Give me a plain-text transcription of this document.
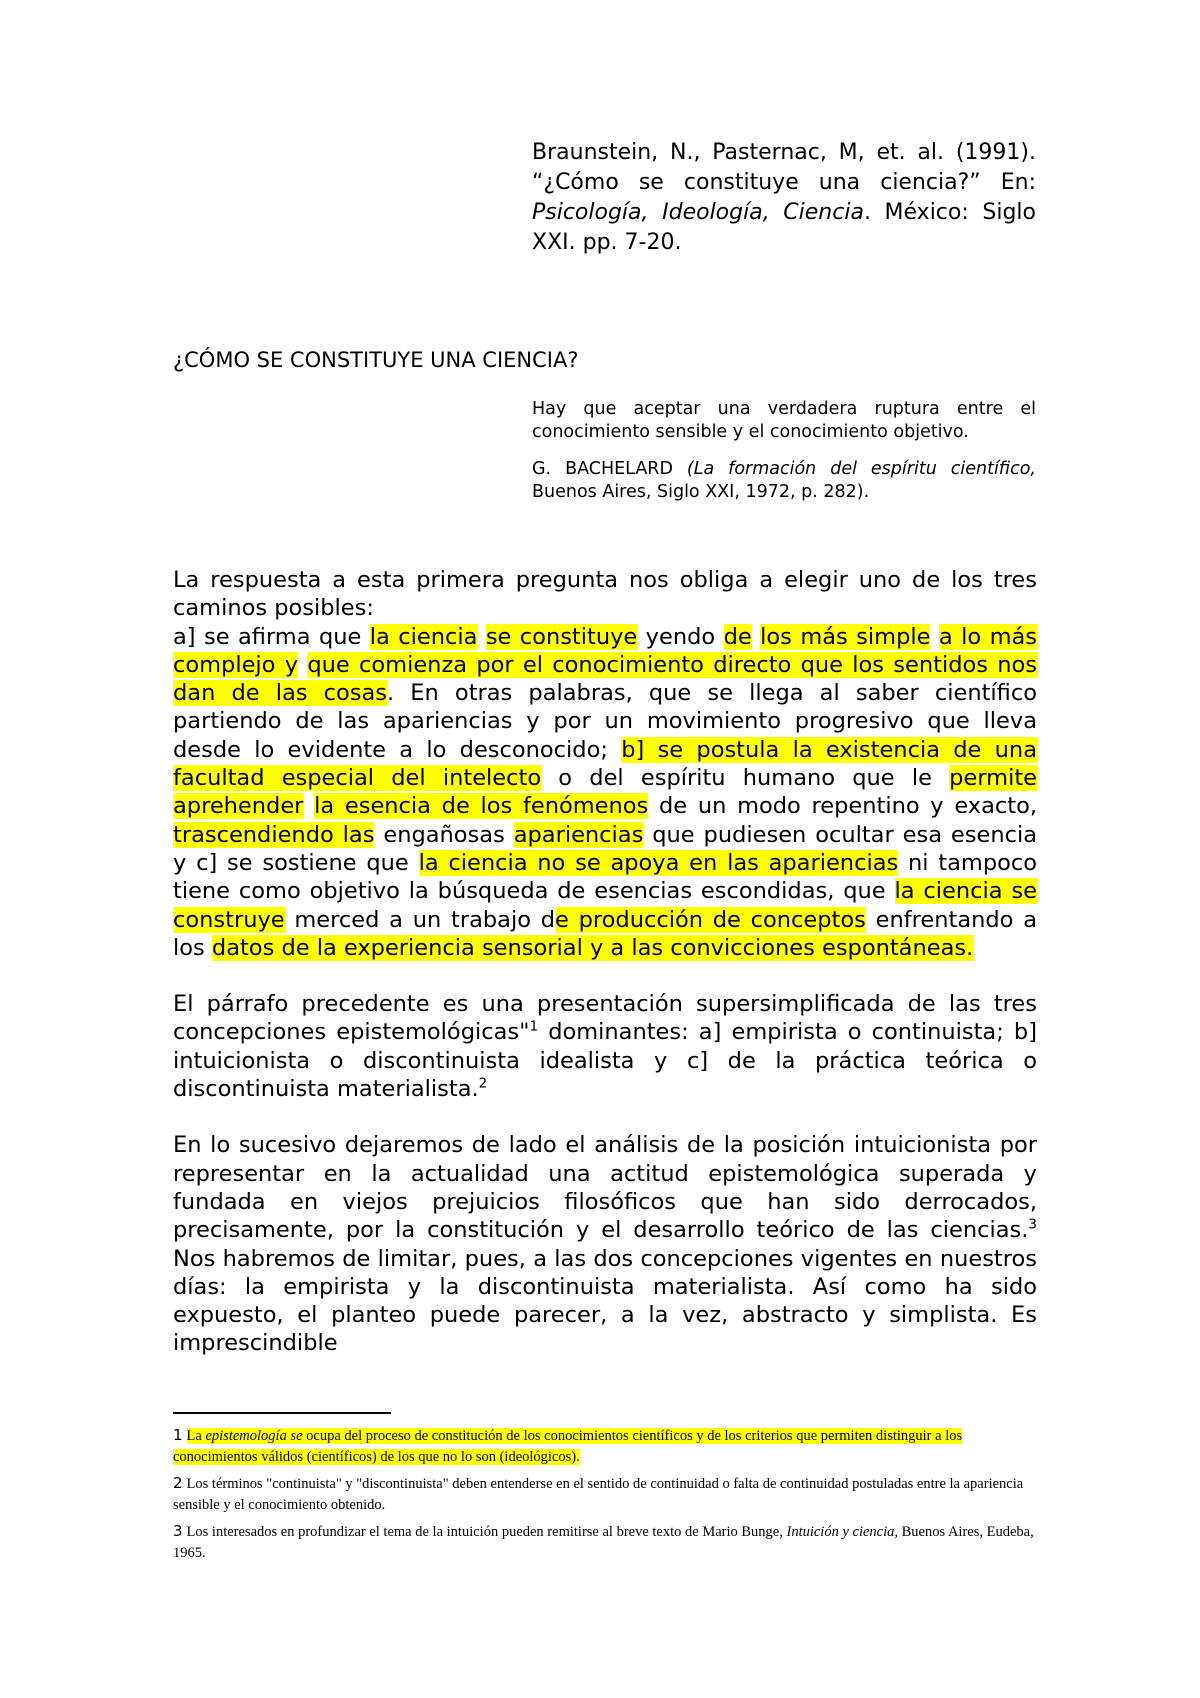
Braunstein, N., Pasternac, M, et. al. (1991). “¿Cómo se constituye una ciencia?” En: Psicología, Ideología, Ciencia. México: Siglo XXI. pp. 7-20.
¿CÓMO SE CONSTITUYE UNA CIENCIA?

Hay que aceptar una verdadera ruptura entre el conocimiento sensible y el conocimiento objetivo.

G. BACHELARD (La formación del espíritu científico, Buenos Aires, Siglo XXI, 1972, p. 282).

La respuesta a esta primera pregunta nos obliga a elegir uno de los tres caminos posibles:
a] se afirma que la ciencia se constituye yendo de los más simple a lo más complejo y que comienza por el conocimiento directo que los sentidos nos dan de las cosas. En otras palabras, que se llega al saber científico partiendo de las apariencias y por un movimiento progresivo que lleva desde lo evidente a lo desconocido; b] se postula la existencia de una facultad especial del intelecto o del espíritu humano que le permite aprehender la esencia de los fenómenos de un modo repentino y exacto, trascendiendo las engañosas apariencias que pudiesen ocultar esa esencia y c] se sostiene que la ciencia no se apoya en las apariencias ni tampoco tiene como objetivo la búsqueda de esencias escondidas, que la ciencia se construye merced a un trabajo de producción de conceptos enfrentando a los datos de la experiencia sensorial y a las convicciones espontáneas.

El párrafo precedente es una presentación supersimplificada de las tres concepciones epistemológicas"$^1$ dominantes: a] empirista o continuista; b] intuicionista o discontinuista idealista y c] de la práctica teórica o discontinuista materialista.$^2$

En lo sucesivo dejaremos de lado el análisis de la posición intuicionista por representar en la actualidad una actitud epistemológica superada y fundada en viejos prejuicios filosóficos que han sido derrocados, precisamente, por la constitución y el desarrollo teórico de las ciencias.$^3$ Nos habremos de limitar, pues, a las dos concepciones vigentes en nuestros días: la empirista y la discontinuista materialista. Así como ha sido expuesto, el planteo puede parecer, a la vez, abstracto y simplista. Es imprescindible

1 La epistemología se ocupa del proceso de constitución de los conocimientos científicos y de los criterios que permiten distinguir a los conocimientos válidos (científicos) de los que no lo son (ideológicos).

2 Los términos "continuista" y "discontinuista" deben entenderse en el sentido de continuidad o falta de continuidad postuladas entre la apariencia sensible y el conocimiento obtenido.

3 Los interesados en profundizar el tema de la intuición pueden remitirse al breve texto de Mario Bunge, Intuición y ciencia, Buenos Aires, Eudeba, 1965.
